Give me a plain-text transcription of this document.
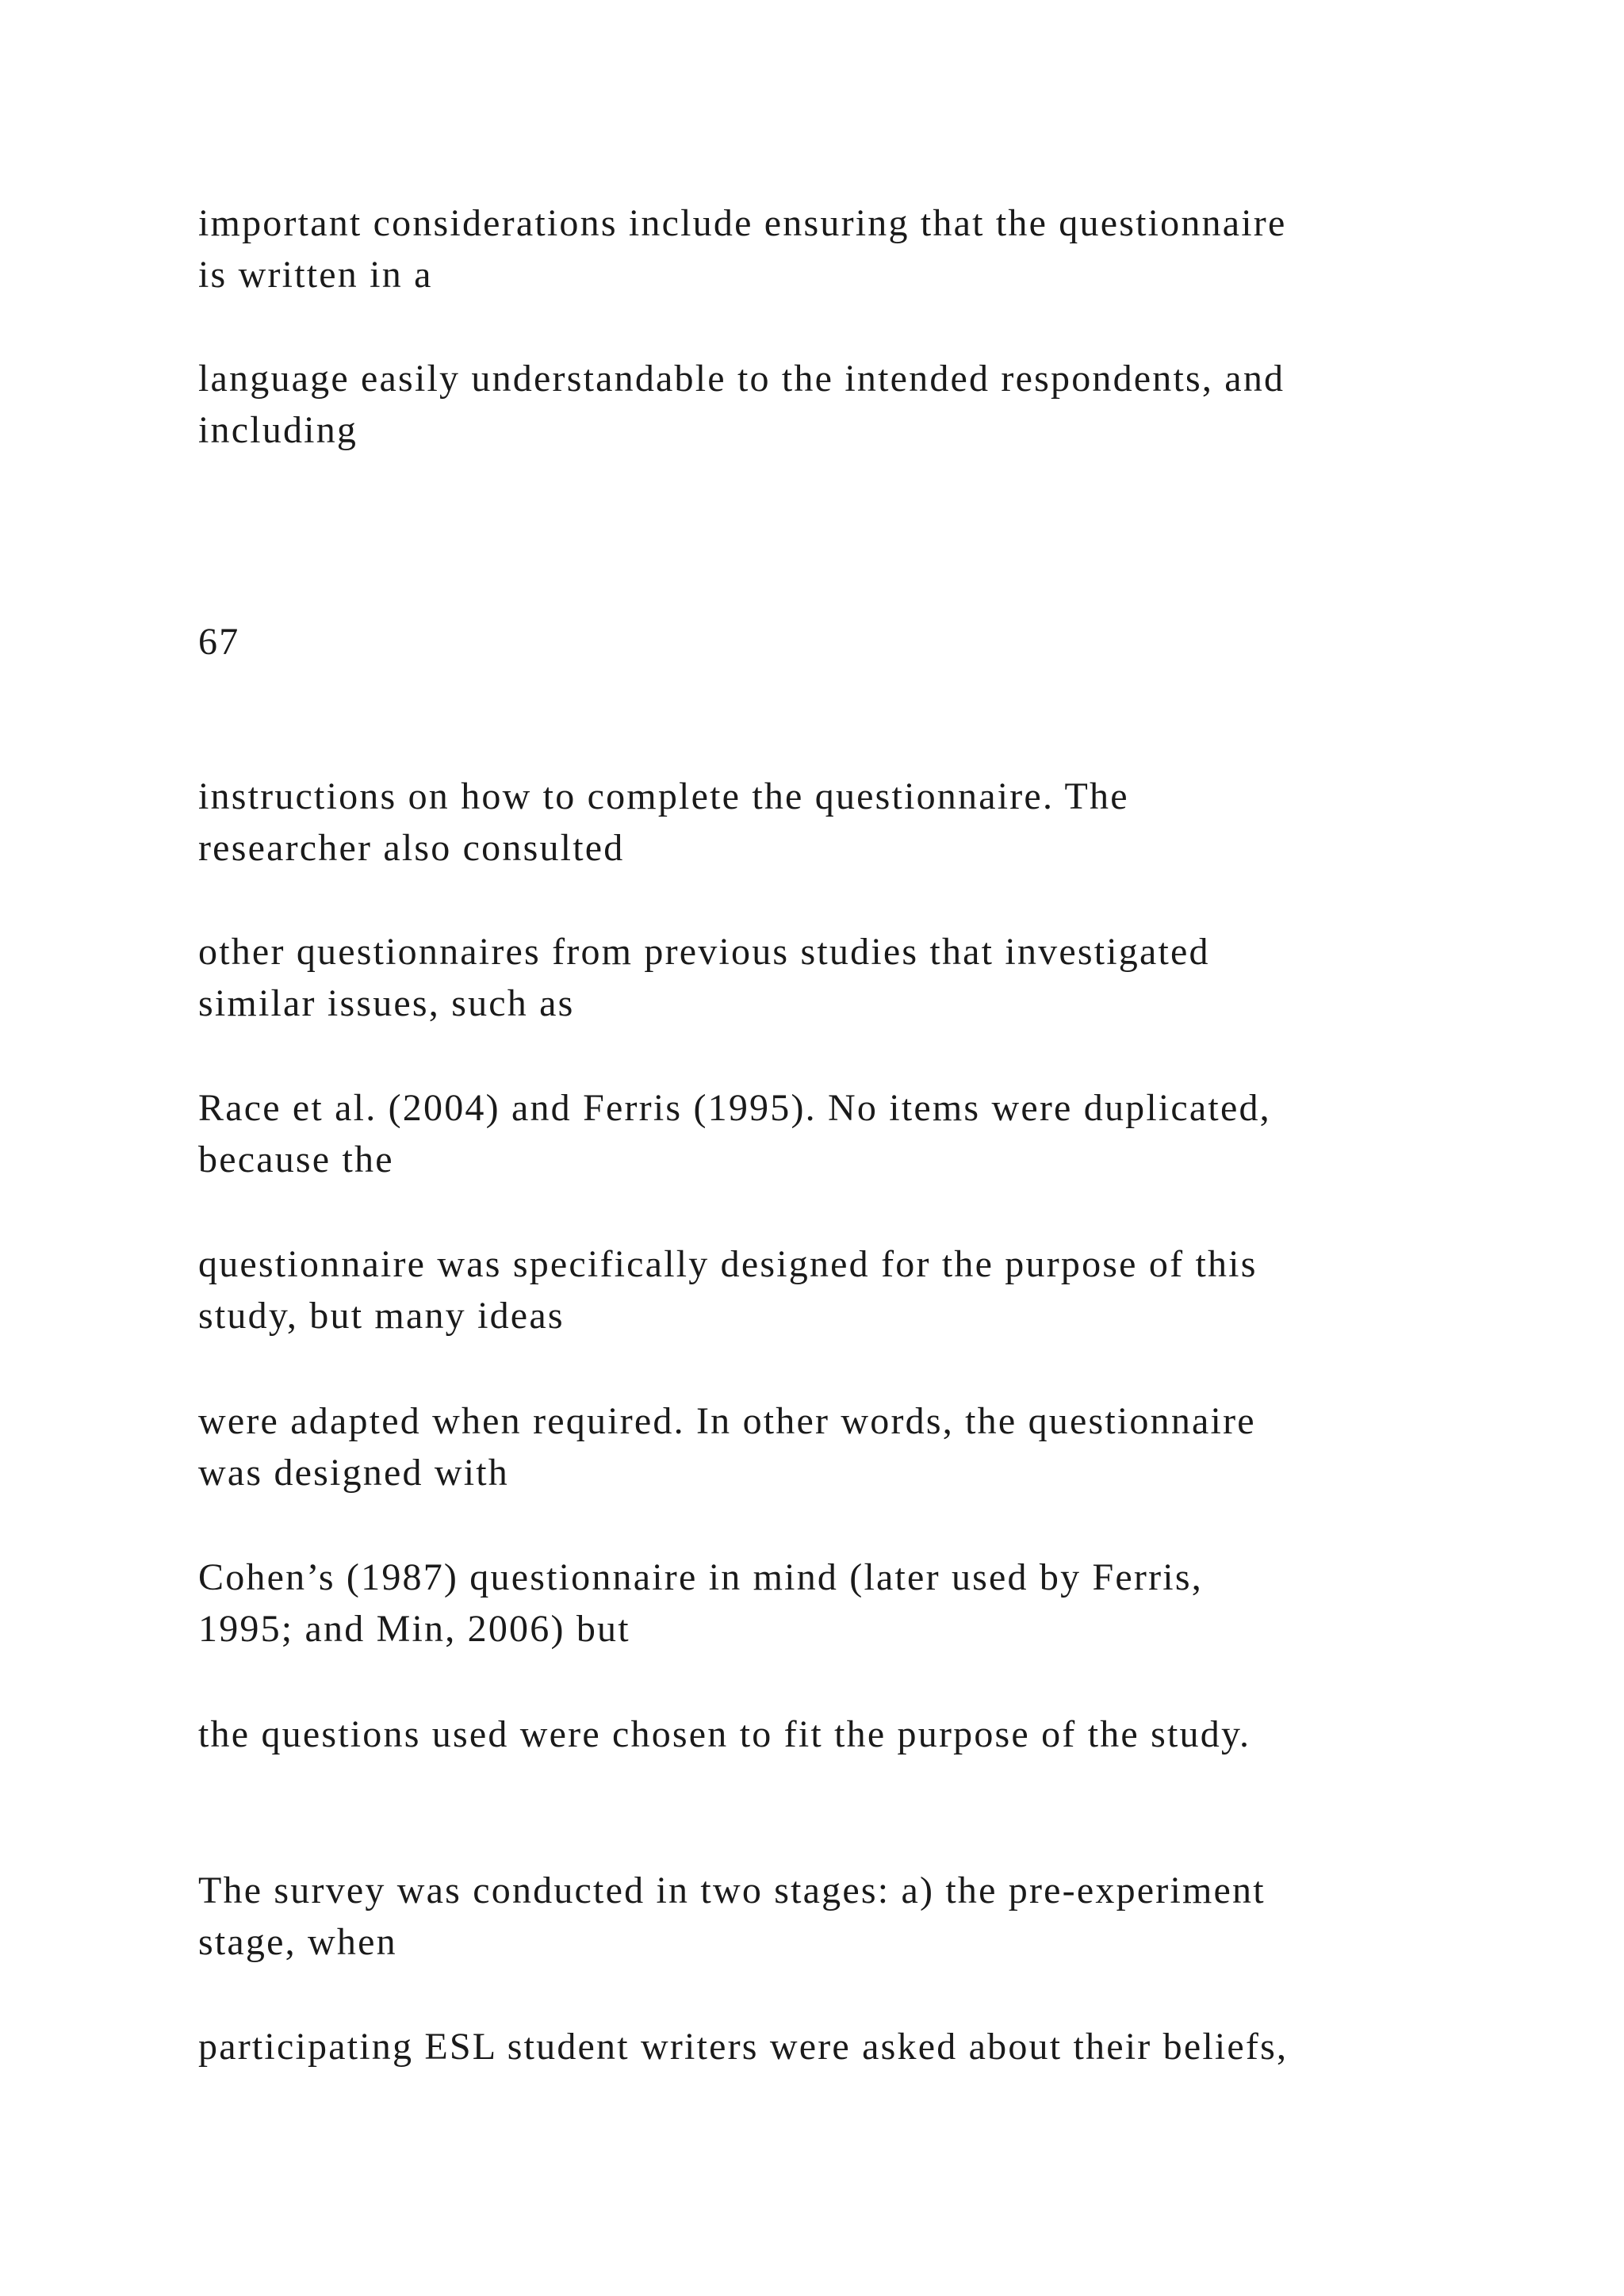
important considerations include ensuring that the questionnaire

is written in a

language easily understandable to the intended respondents, and

including

67

instructions on how to complete the questionnaire. The

researcher also consulted

other questionnaires from previous studies that investigated

similar issues, such as

Race et al. (2004) and Ferris (1995). No items were duplicated,

because the

questionnaire was specifically designed for the purpose of this

study, but many ideas

were adapted when required. In other words, the questionnaire

was designed with

Cohen’s (1987) questionnaire in mind (later used by Ferris,

1995; and Min, 2006) but

the questions used were chosen to fit the purpose of the study.

The survey was conducted in two stages: a) the pre-experiment

stage, when

participating ESL student writers were asked about their beliefs,
